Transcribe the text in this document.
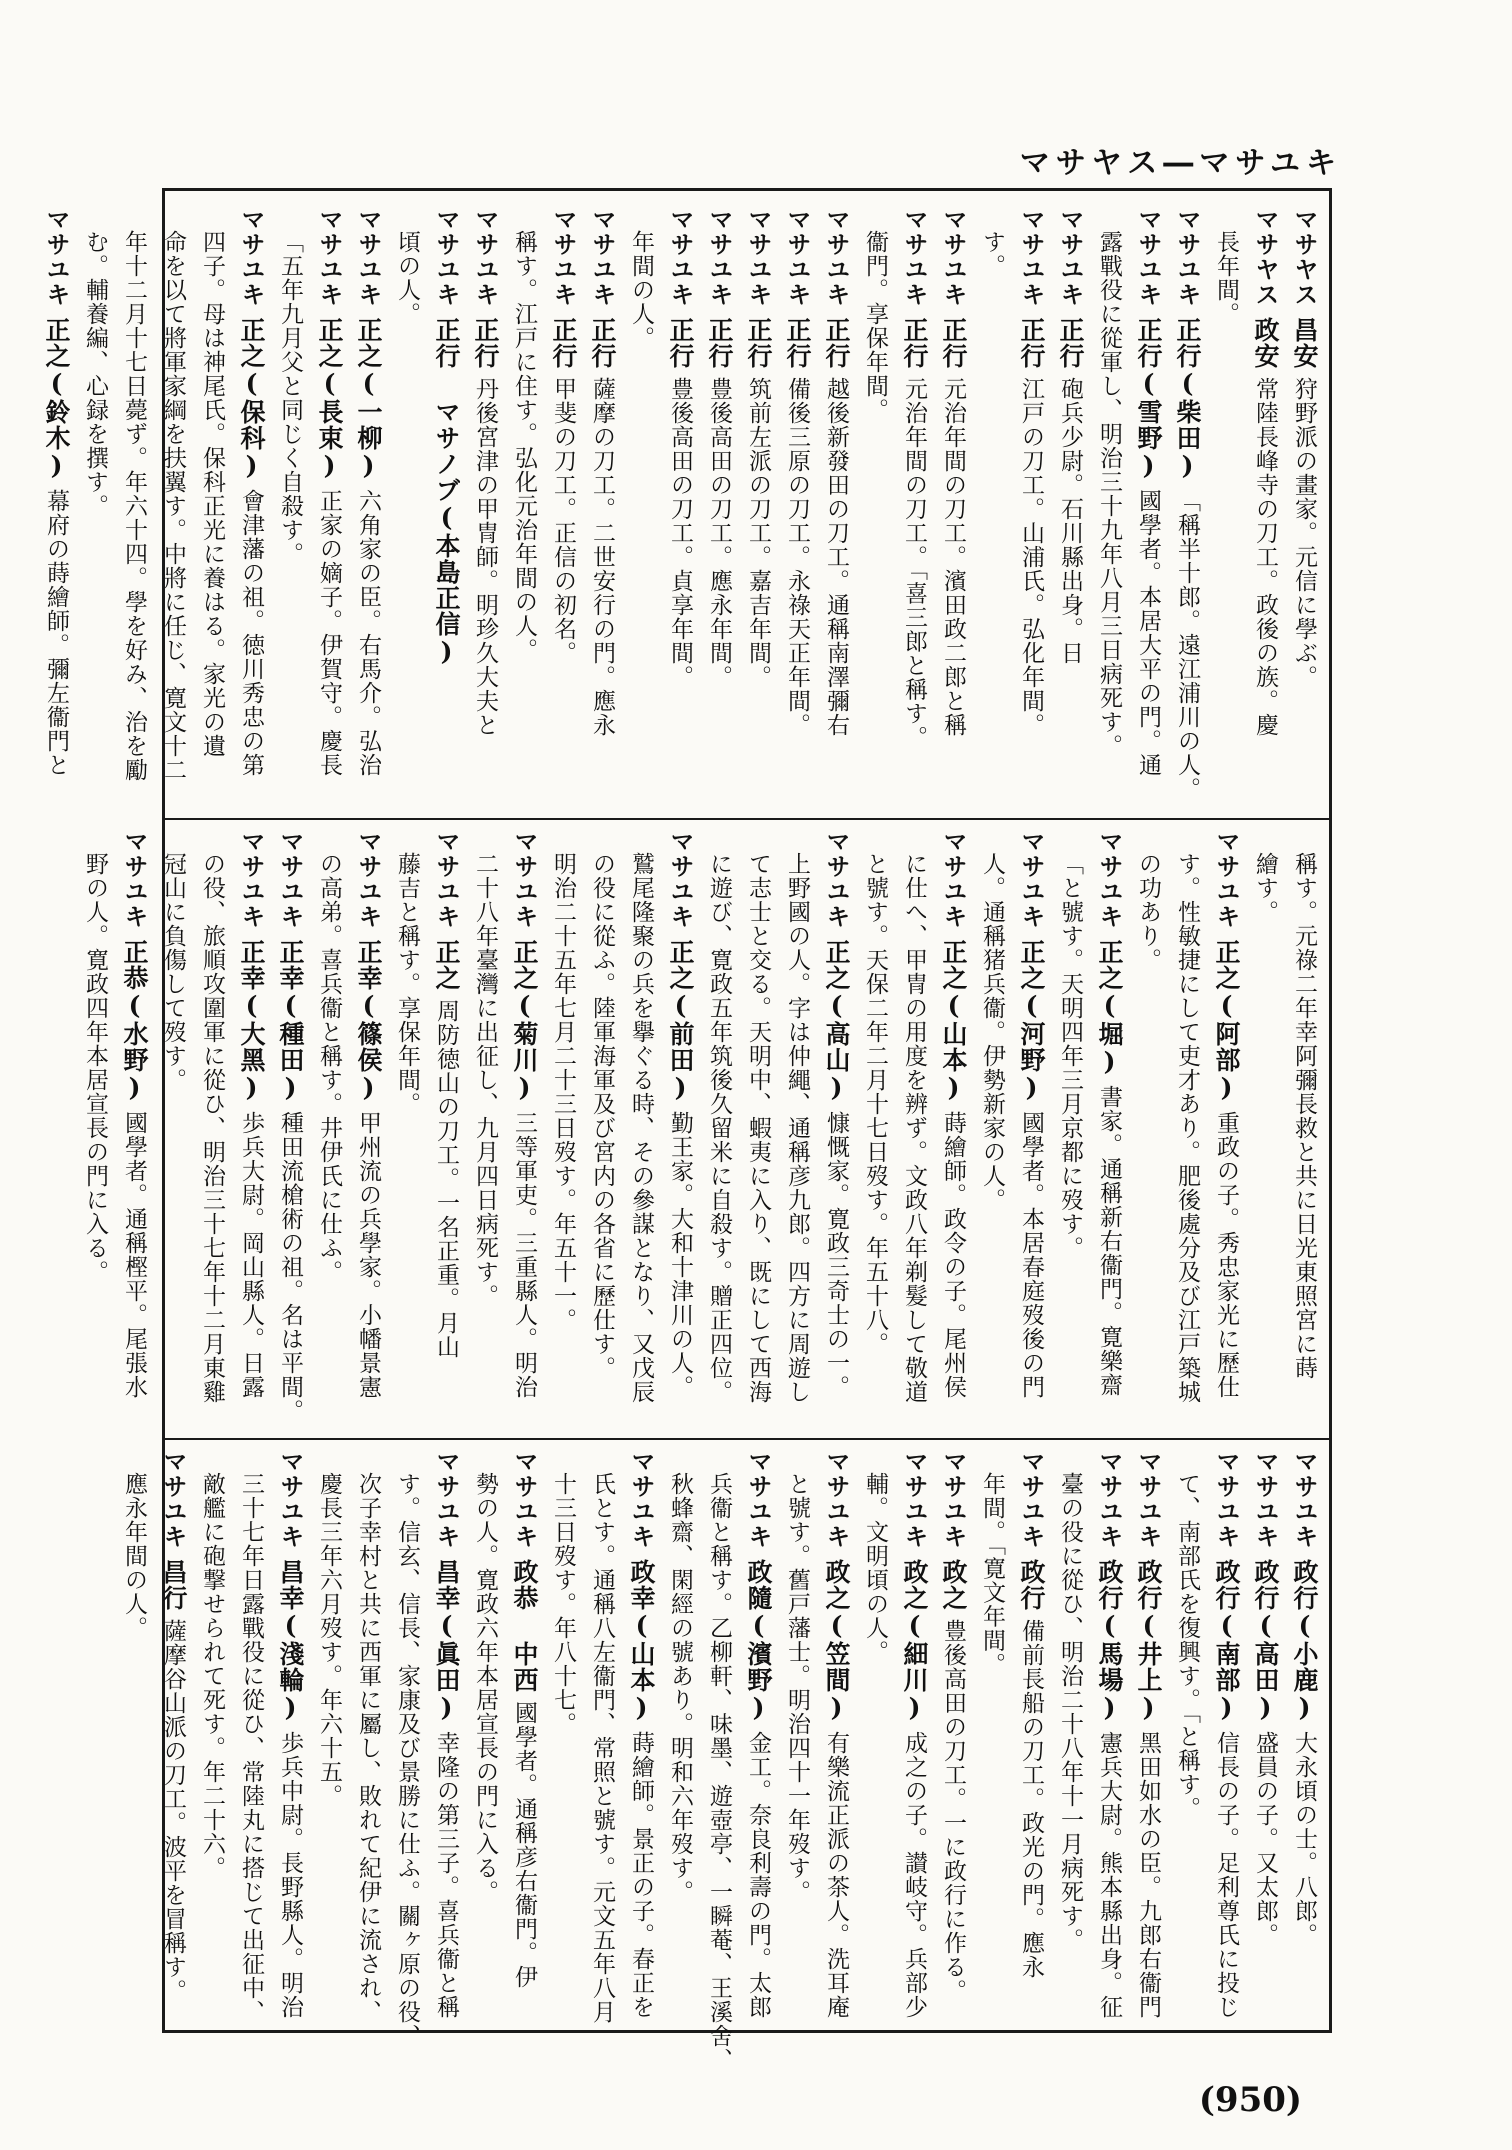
マサヤス―マサユキ
マサヤス昌安狩野派の畫家。元信に學ぶ。
マサヤス政安常陸長峰寺の刀工。政後の族。慶
長年間。
マサユキ正行(柴田)「稱半十郎。遠江浦川の人。
マサユキ正行(雪野)國學者。本居大平の門。通
露戰役に從軍し、明治三十九年八月三日病死す。
マサユキ正行砲兵少尉。石川縣出身。日
マサユキ正行江戸の刀工。山浦氏。弘化年間。
す。
マサユキ正行元治年間の刀工。濱田政二郎と稱
マサユキ正行元治年間の刀工。「喜三郎と稱す。
衞門。享保年間。
マサユキ正行越後新發田の刀工。通稱南澤彌右
マサユキ正行備後三原の刀工。永祿天正年間。
マサユキ正行筑前左派の刀工。嘉吉年間。
マサユキ正行豊後高田の刀工。應永年間。
マサユキ正行豊後高田の刀工。貞享年間。
年間の人。
マサユキ正行薩摩の刀工。二世安行の門。應永
マサユキ正行甲斐の刀工。正信の初名。
稱す。江戸に住す。弘化元治年間の人。
マサユキ正行丹後宮津の甲冑師。明珍久大夫と
マサユキ正行 マサノブ(本島正信)
頃の人。
マサユキ正之(一柳)六角家の臣。右馬介。弘治
マサユキ正之(長束)正家の嫡子。伊賀守。慶長
「五年九月父と同じく自殺す。
マサユキ正之(保科)會津藩の祖。徳川秀忠の第
四子。母は神尾氏。保科正光に養はる。家光の遺
命を以て將軍家綱を扶翼す。中將に任じ、寛文十二
年十二月十七日薨ず。年六十四。學を好み、治を勵
む。輔養編、心録を撰す。
マサユキ正之(鈴木)幕府の蒔繪師。彌左衞門と
稱す。元祿二年幸阿彌長救と共に日光東照宮に蒔
繪す。
マサユキ正之(阿部)重政の子。秀忠家光に歷仕
す。性敏捷にして吏才あり。肥後處分及び江戸築城
の功あり。
マサユキ正之(堀)書家。通稱新右衞門。寛樂齋
「と號す。天明四年三月京都に歿す。
マサユキ正之(河野)國學者。本居春庭歿後の門
人。通稱猪兵衞。伊勢新家の人。
マサユキ正之(山本)蒔繪師。政令の子。尾州侯
に仕へ、甲冑の用度を辨ず。文政八年剃髮して敬道
と號す。天保二年二月十七日歿す。年五十八。
マサユキ正之(高山)慷慨家。寛政三奇士の一。
上野國の人。字は仲繩、通稱彦九郎。四方に周遊し
て志士と交る。天明中、蝦夷に入り、既にして西海
に遊び、寛政五年筑後久留米に自殺す。贈正四位。
マサユキ正之(前田)勤王家。大和十津川の人。
鷲尾隆聚の兵を擧ぐる時、その參謀となり、又戊辰
の役に從ふ。陸軍海軍及び宮内の各省に歷仕す。
明治二十五年七月二十三日歿す。年五十一。
マサユキ正之(菊川)三等軍吏。三重縣人。明治
二十八年臺灣に出征し、九月四日病死す。
マサユキ正之周防徳山の刀工。一名正重。月山
藤吉と稱す。享保年間。
マサユキ正幸(篠侯)甲州流の兵學家。小幡景憲
の高弟。喜兵衞と稱す。井伊氏に仕ふ。
マサユキ正幸(種田)種田流槍術の祖。名は平間。
マサユキ正幸(大黑)歩兵大尉。岡山縣人。日露
の役、旅順攻圍軍に從ひ、明治三十七年十二月東雞
冠山に負傷して歿す。
マサユキ正恭(水野)國學者。通稱樫平。尾張水
野の人。寛政四年本居宣長の門に入る。
マサユキ政行(小鹿)大永頃の士。八郎。
マサユキ政行(高田)盛員の子。又太郎。
マサユキ政行(南部)信長の子。足利尊氏に投じ
て、南部氏を復興す。「と稱す。
マサユキ政行(井上)黑田如水の臣。九郎右衞門
マサユキ政行(馬場)憲兵大尉。熊本縣出身。征
臺の役に從ひ、明治二十八年十一月病死す。
マサユキ政行備前長船の刀工。政光の門。應永
年間。「寛文年間。
マサユキ政之豊後高田の刀工。一に政行に作る。
マサユキ政之(細川)成之の子。讃岐守。兵部少
輔。文明頃の人。
マサユキ政之(笠間)有樂流正派の茶人。洗耳庵
と號す。舊戸藩士。明治四十一年歿す。
マサユキ政隨(濱野)金工。奈良利壽の門。太郎
兵衞と稱す。乙柳軒、味墨、遊壺亭、一瞬菴、王溪舍、
秋蜂齋、閑經の號あり。明和六年歿す。
マサユキ政幸(山本)蒔繪師。景正の子。春正を
氏とす。通稱八左衞門、常照と號す。元文五年八月
十三日歿す。年八十七。
マサユキ政恭 中西國學者。通稱彦右衞門。伊
勢の人。寛政六年本居宣長の門に入る。
マサユキ昌幸(眞田)幸隆の第三子。喜兵衞と稱
す。信玄、信長、家康及び景勝に仕ふ。關ヶ原の役、
次子幸村と共に西軍に屬し、敗れて紀伊に流され、
慶長三年六月歿す。年六十五。
マサユキ昌幸(淺輪)歩兵中尉。長野縣人。明治
三十七年日露戰役に從ひ、常陸丸に搭じて出征中、
敵艦に砲撃せられて死す。年二十六。
マサユキ昌行薩摩谷山派の刀工。波平を冒稱す。
應永年間の人。
(950)
